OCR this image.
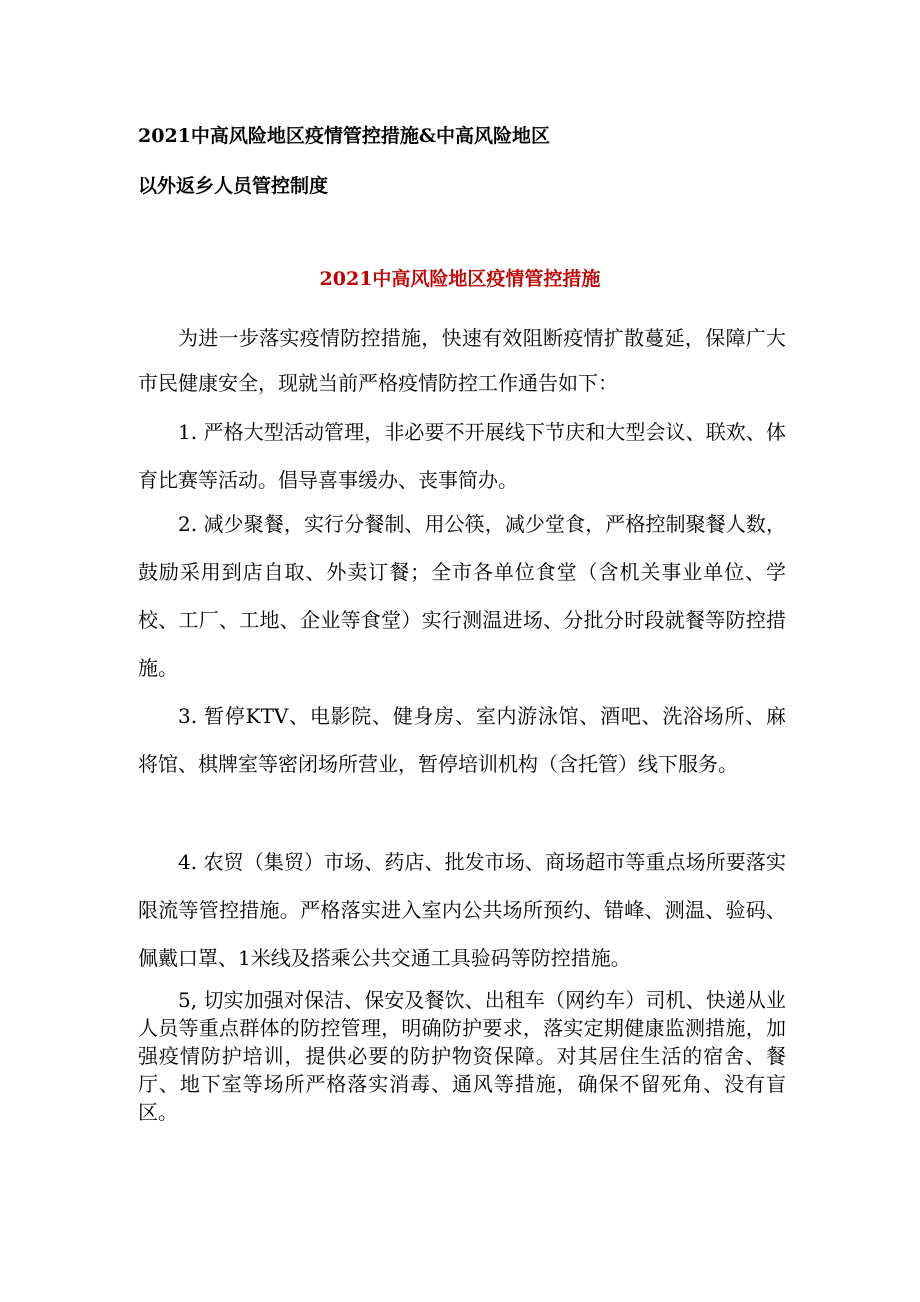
2021中高风险地区疫情管控措施&中高风险地区
以外返乡人员管控制度
2021中高风险地区疫情管控措施

为进一步落实疫情防控措施，快速有效阻断疫情扩散蔓延，保障广大市民健康安全，现就当前严格疫情防控工作通告如下：

1. 严格大型活动管理，非必要不开展线下节庆和大型会议、联欢、体育比赛等活动。倡导喜事缓办、丧事简办。

2. 减少聚餐，实行分餐制、用公筷，减少堂食，严格控制聚餐人数，鼓励采用到店自取、外卖订餐；全市各单位食堂（含机关事业单位、学校、工厂、工地、企业等食堂）实行测温进场、分批分时段就餐等防控措施。

3. 暂停KTV、电影院、健身房、室内游泳馆、酒吧、洗浴场所、麻将馆、棋牌室等密闭场所营业，暂停培训机构（含托管）线下服务。

4. 农贸（集贸）市场、药店、批发市场、商场超市等重点场所要落实限流等管控措施。严格落实进入室内公共场所预约、错峰、测温、验码、佩戴口罩、1米线及搭乘公共交通工具验码等防控措施。

5, 切实加强对保洁、保安及餐饮、出租车（网约车）司机、快递从业人员等重点群体的防控管理，明确防护要求，落实定期健康监测措施，加强疫情防护培训，提供必要的防护物资保障。对其居住生活的宿舍、餐厅、地下室等场所严格落实消毒、通风等措施，确保不留死角、没有盲区。
